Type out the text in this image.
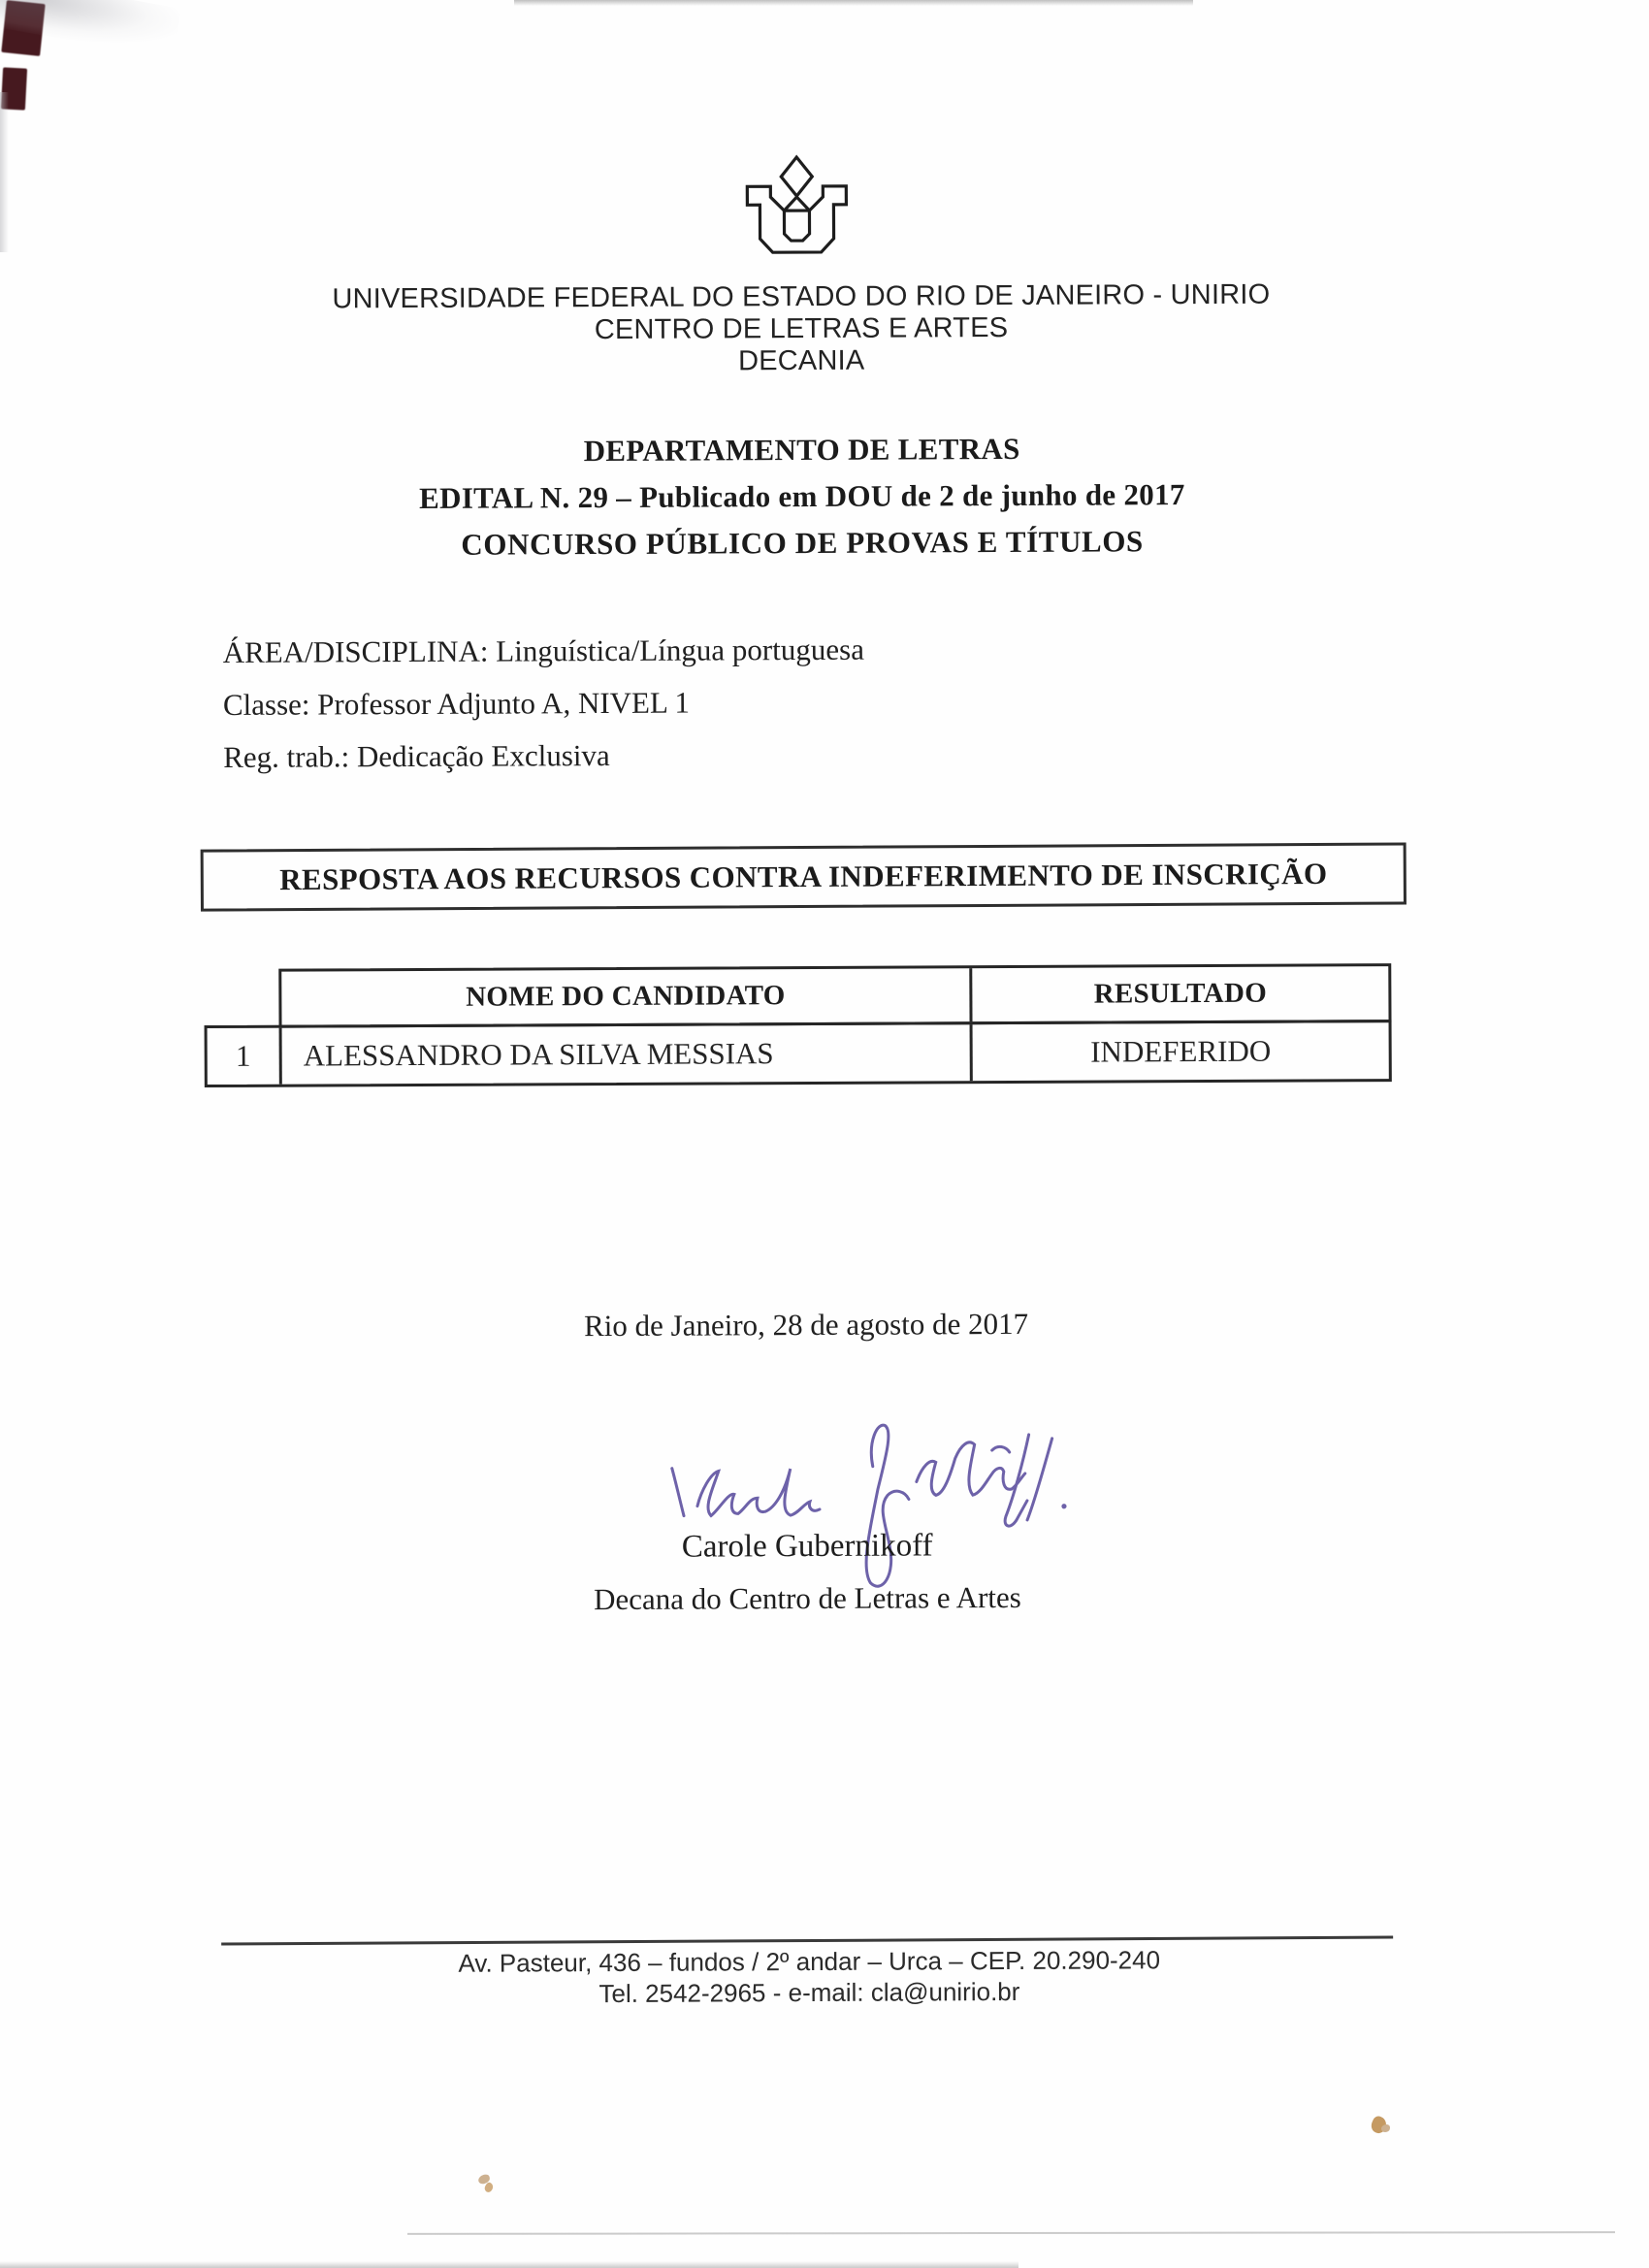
UNIVERSIDADE FEDERAL DO ESTADO DO RIO DE JANEIRO - UNIRIO
CENTRO DE LETRAS E ARTES
DECANIA
DEPARTAMENTO DE LETRAS
EDITAL N. 29 – Publicado em DOU de 2 de junho de 2017
CONCURSO PÚBLICO DE PROVAS E TÍTULOS
ÁREA/DISCIPLINA: Linguística/Língua portuguesa
Classe: Professor Adjunto A, NIVEL 1
Reg. trab.: Dedicação Exclusiva
RESPOSTA AOS RECURSOS CONTRA INDEFERIMENTO DE INSCRIÇÃO
NOME DO CANDIDATO	RESULTADO
1	ALESSANDRO DA SILVA MESSIAS	INDEFERIDO
Rio de Janeiro, 28 de agosto de 2017
Carole Gubernikoff
Decana do Centro de Letras e Artes
Av. Pasteur, 436 – fundos / 2º andar – Urca – CEP. 20.290-240
Tel. 2542-2965 - e-mail: cla@unirio.br
